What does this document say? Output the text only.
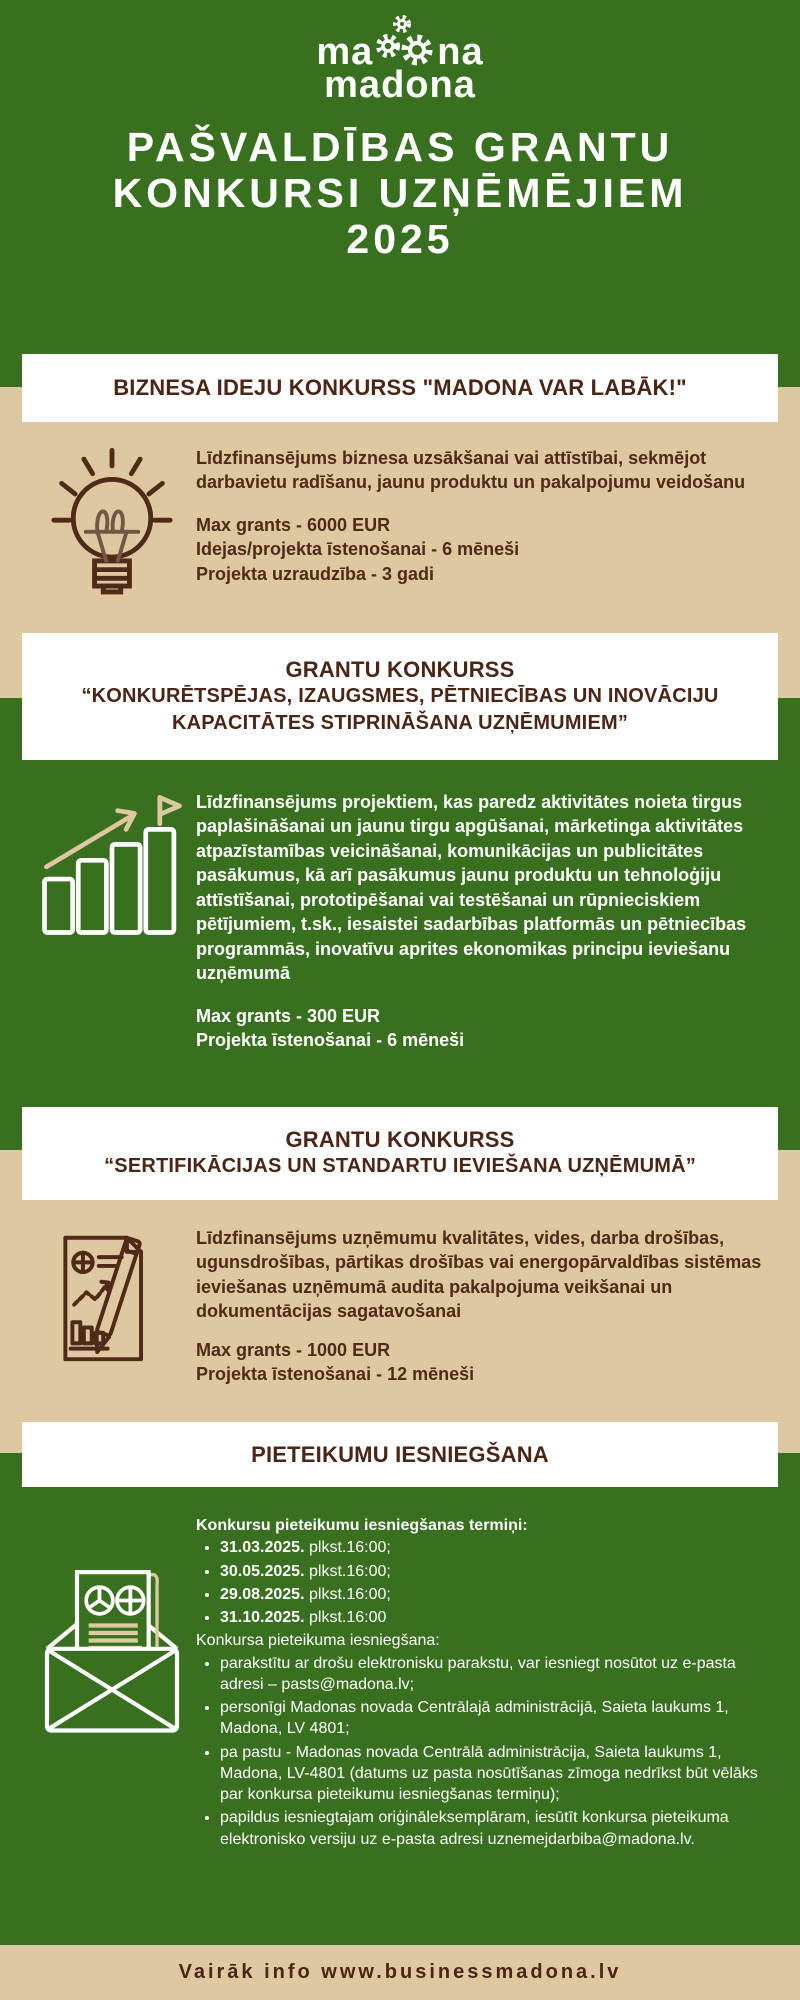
ma na
madona
PAŠVALDĪBAS GRANTU
KONKURSI UZŅĒMĒJIEM
2025
BIZNESA IDEJU KONKURSS "MADONA VAR LABĀK!"
Līdzfinansējums biznesa uzsākšanai vai attīstībai, sekmējot darbavietu radīšanu, jaunu produktu un pakalpojumu veidošanu
Max grants - 6000 EUR
Idejas/projekta īstenošanai - 6 mēneši
Projekta uzraudzība - 3 gadi
GRANTU KONKURSS
“KONKURĒTSPĒJAS, IZAUGSMES, PĒTNIECĪBAS UN INOVĀCIJU KAPACITĀTES STIPRINĀŠANA UZŅĒMUMIEM”
Līdzfinansējums projektiem, kas paredz aktivitātes noieta tirgus paplašināšanai un jaunu tirgu apgūšanai, mārketinga aktivitātes atpazīstamības veicināšanai, komunikācijas un publicitātes pasākumus, kā arī pasākumus jaunu produktu un tehnoloģiju attīstīšanai, prototipēšanai vai testēšanai un rūpnieciskiem pētījumiem, t.sk., iesaistei sadarbības platformās un pētniecības programmās, inovatīvu aprites ekonomikas principu ieviešanu uzņēmumā
Max grants - 300 EUR
Projekta īstenošanai - 6 mēneši
GRANTU KONKURSS
“SERTIFIKĀCIJAS UN STANDARTU IEVIEŠANA UZŅĒMUMĀ”
Līdzfinansējums uzņēmumu kvalitātes, vides, darba drošības, ugunsdrošības, pārtikas drošības vai energopārvaldības sistēmas ieviešanas uzņēmumā audita pakalpojuma veikšanai un dokumentācijas sagatavošanai
Max grants - 1000 EUR
Projekta īstenošanai - 12 mēneši
PIETEIKUMU IESNIEGŠANA
Konkursu pieteikumu iesniegšanas termiņi:
• 31.03.2025. plkst.16:00;
• 30.05.2025. plkst.16:00;
• 29.08.2025. plkst.16:00;
• 31.10.2025. plkst.16:00
Konkursa pieteikuma iesniegšana:
• parakstītu ar drošu elektronisku parakstu, var iesniegt nosūtot uz e-pasta adresi – pasts@madona.lv;
• personīgi Madonas novada Centrālajā administrācijā, Saieta laukums 1, Madona, LV 4801;
• pa pastu - Madonas novada Centrālā administrācija, Saieta laukums 1, Madona, LV-4801 (datums uz pasta nosūtīšanas zīmoga nedrīkst būt vēlāks par konkursa pieteikumu iesniegšanas termiņu);
• papildus iesniegtajam oriģināleksemplāram, iesūtīt konkursa pieteikuma elektronisko versiju uz e-pasta adresi uznemejdarbiba@madona.lv.
Vairāk info www.businessmadona.lv
